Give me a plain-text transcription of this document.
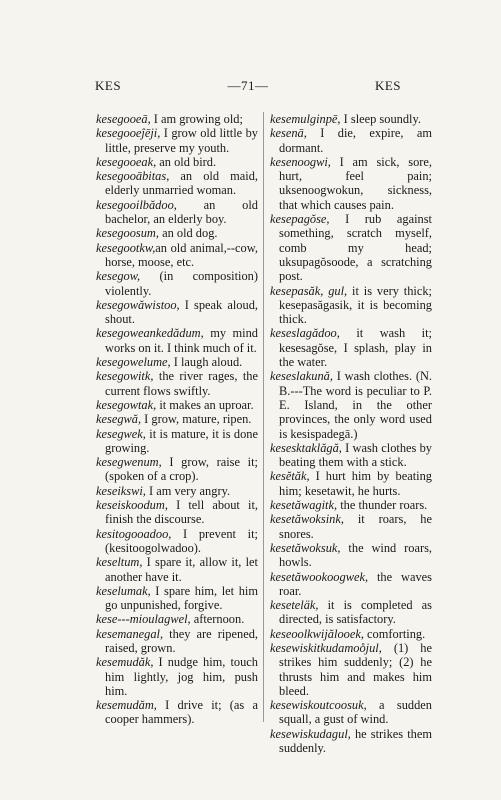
KES	—71—	KES

kesegooeā, I am growing old;

kesegooeĵēji, I grow old little by little, preserve my youth.

kesegooeak, an old bird.

kesegooābitas, an old maid, elderly unmarried woman.

kesegooilbădoo, an old bachelor, an elderly boy.

kesegoosum, an old dog.

kesegootkw,an old animal,--cow, horse, moose, etc.

kesegow, (in composition) violently.

kesegowăwistoo, I speak aloud, shout.

kesegoweankedădum, my mind works on it. I think much of it.

kesegowelume, I laugh aloud.

kesegowitk, the river rages, the current flows swiftly.

kesegowtak, it makes an uproar.

kesegwă, I grow, mature, ripen.

kesegwek, it is mature, it is done growing.

kesegwenum, I grow, raise it; (spoken of a crop).

keseikswi, I am very angry.

keseiskoodum, I tell about it, finish the discourse.

kesitogooadoo, I prevent it; (kesitoogolwadoo).

keseltum, I spare it, allow it, let another have it.

keselumak, I spare him, let him go unpunished, forgive.

kese---mioulagwel, afternoon.

kesemanegal, they are ripened, raised, grown.

kesemudăk, I nudge him, touch him lightly, jog him, push him.

kesemudăm, I drive it; (as a cooper hammers).

kesemulginpē, I sleep soundly.

kesenā, I die, expire, am dormant.

kesenoogwi, I am sick, sore, hurt, feel pain; uksenoogwokun, sickness, that which causes pain.

kesepagŏse, I rub against something, scratch myself, comb my head; uksupagŏsoode, a scratching post.

kesepasăk, gul, it is very thick; kesepasăgasik, it is becoming thick.

keseslagădoo, it wash it; kesesagŏse, I splash, play in the water.

keseslakună, I wash clothes. (N. B.---The word is peculiar to P. E. Island, in the other provinces, the only word used is kesispadegā.)

kesesktaklăgă, I wash clothes by beating them with a stick.

kesĕtăk, I hurt him by beating him; kesetawit, he hurts.

kesetăwagitk, the thunder roars.

kesetăwoksink, it roars, he snores.

kesetăwoksuk, the wind roars, howls.

kesetăwookoogwek, the waves roar.

keseteläk, it is completed as directed, is satisfactory.

keseoolkwijălooek, comforting.

kesewiskitkudamoo̊jul, (1) he strikes him suddenly; (2) he thrusts him and makes him bleed.

kesewiskoutcoosuk, a sudden squall, a gust of wind.

kesewiskudagul, he strikes them suddenly.
